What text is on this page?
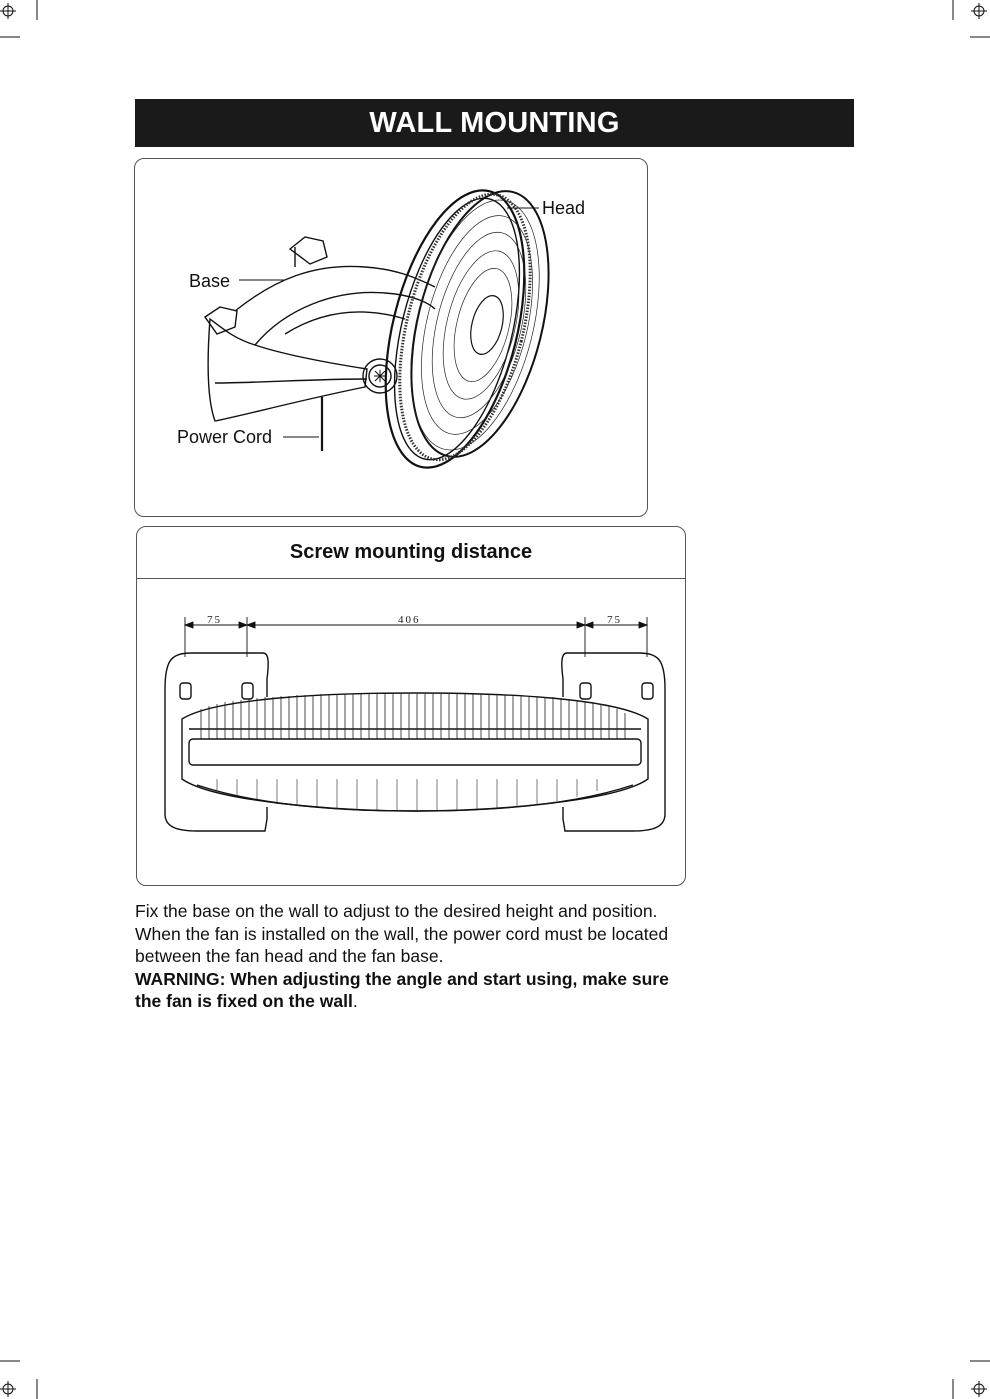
WALL MOUNTING
Head
Base
Power Cord
Screw mounting distance
75	406	75
Fix the base on the wall to adjust to the desired height and position. When the fan is installed on the wall, the power cord must be located between the fan head and the fan base.
WARNING: When adjusting the angle and start using, make sure the fan is fixed on the wall.
